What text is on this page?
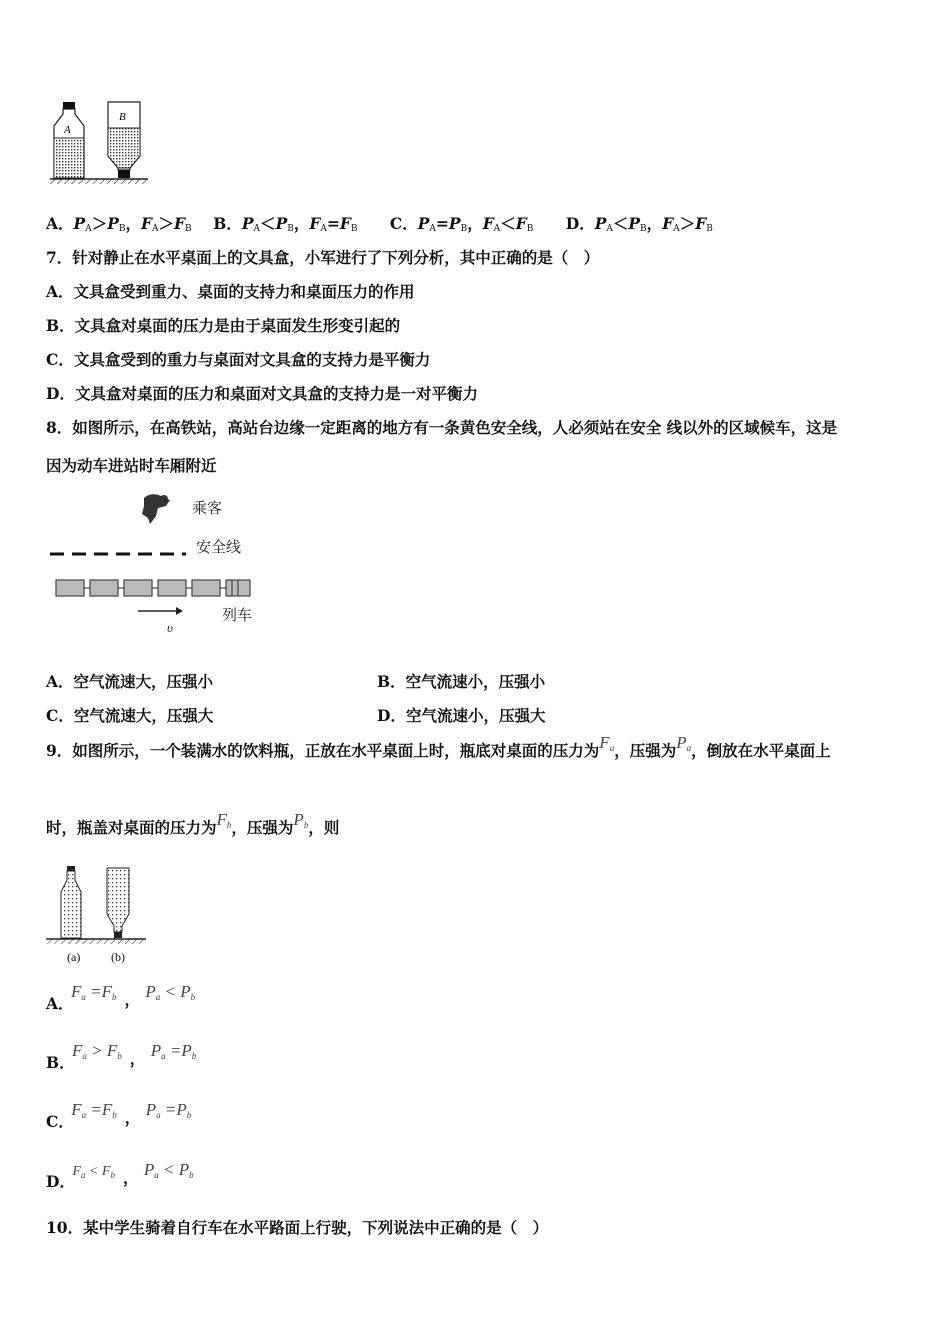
A
B
A．$P_A>P_B$，$F_A>F_B$ B．$P_A<P_B$，$F_A=F_B$ C．$P_A=P_B$，$F_A<F_B$ D．$P_A<P_B$，$F_A>F_B$
7．针对静止在水平桌面上的文具盒，小军进行了下列分析，其中正确的是（　）
A．文具盒受到重力、桌面的支持力和桌面压力的作用
B．文具盒对桌面的压力是由于桌面发生形变引起的
C．文具盒受到的重力与桌面对文具盒的支持力是平衡力
D．文具盒对桌面的压力和桌面对文具盒的支持力是一对平衡力
8．如图所示，在高铁站，高站台边缘一定距离的地方有一条黄色安全线，人必须站在安全 线以外的区域候车，这是
因为动车进站时车厢附近
υ
乘客
安全线
列车
A．空气流速大，压强小	B．空气流速小，压强小
C．空气流速大，压强大	D．空气流速小，压强大
9．如图所示，一个装满水的饮料瓶，正放在水平桌面上时，瓶底对桌面的压力为Fa，压强为Pa，倒放在水平桌面上
时，瓶盖对桌面的压力为Fb，压强为Pb，则
(a)	(b)
A． Fa =Fb ， Pa < Pb
B． Fa > Fb ， Pa =Pb
C． Fa =Fb ， Pa =Pb
D． $F_a < F_b$ ， Pa < Pb
10．某中学生骑着自行车在水平路面上行驶，下列说法中正确的是（　）
